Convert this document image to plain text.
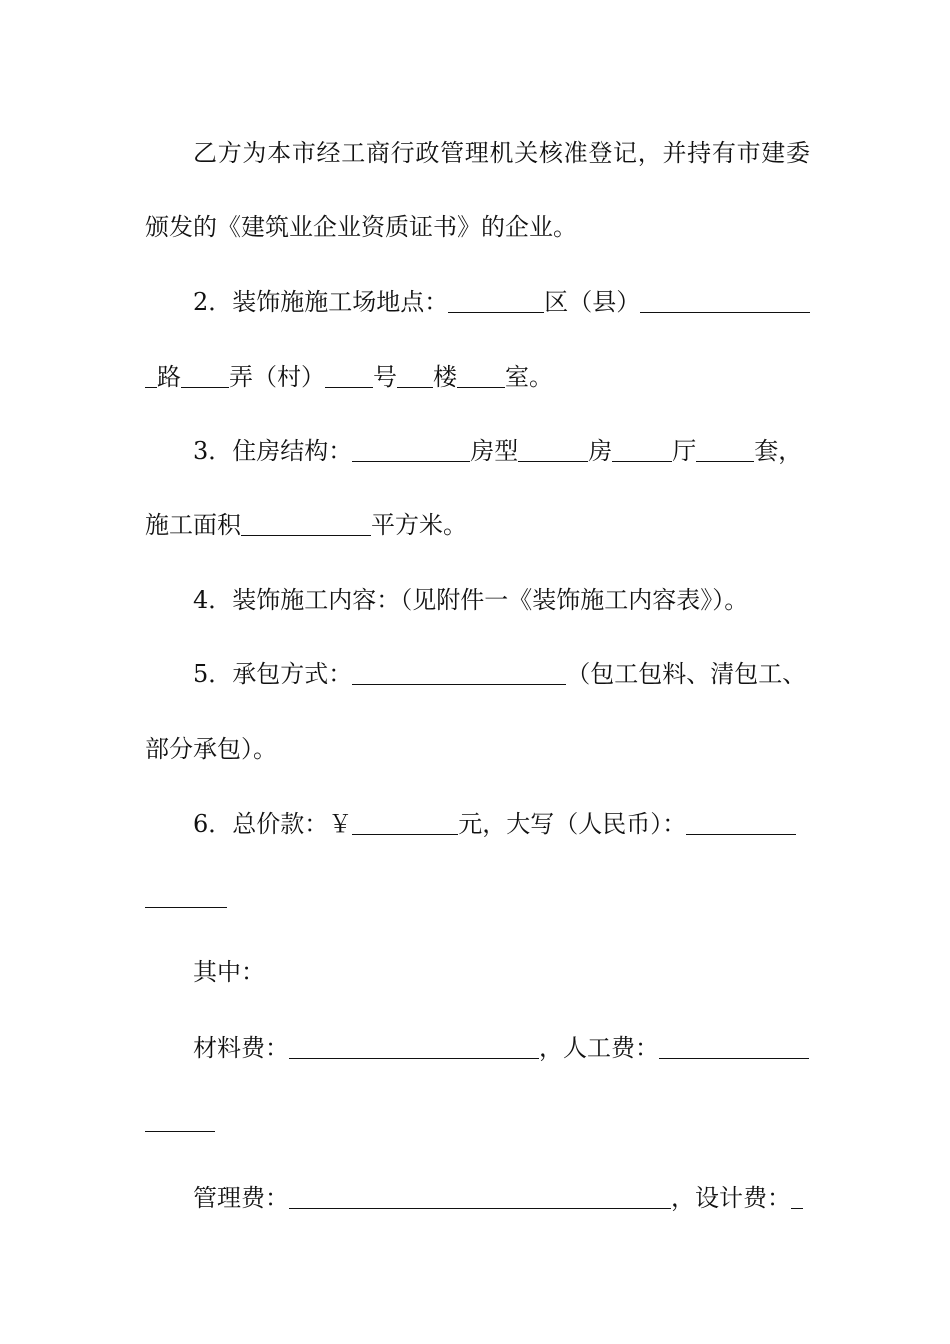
乙方为本市经工商行政管理机关核准登记，并持有市建委
颁发的《建筑业企业资质证书》的企业。
2．装饰施施工场地点：	区（县）
路 弄（村） 号 楼 室。
3．住房结构：	房型	房	厅 套，
施工面积	平方米。
4．装饰施工内容：（见附件一《装饰施工内容表》）。
5．承包方式：	（包工包料、清包工、
部分承包）。
6．总价款：￥	元，大写（人民币）：
其中：
材料费：	，人工费：
管理费：	，设计费：
